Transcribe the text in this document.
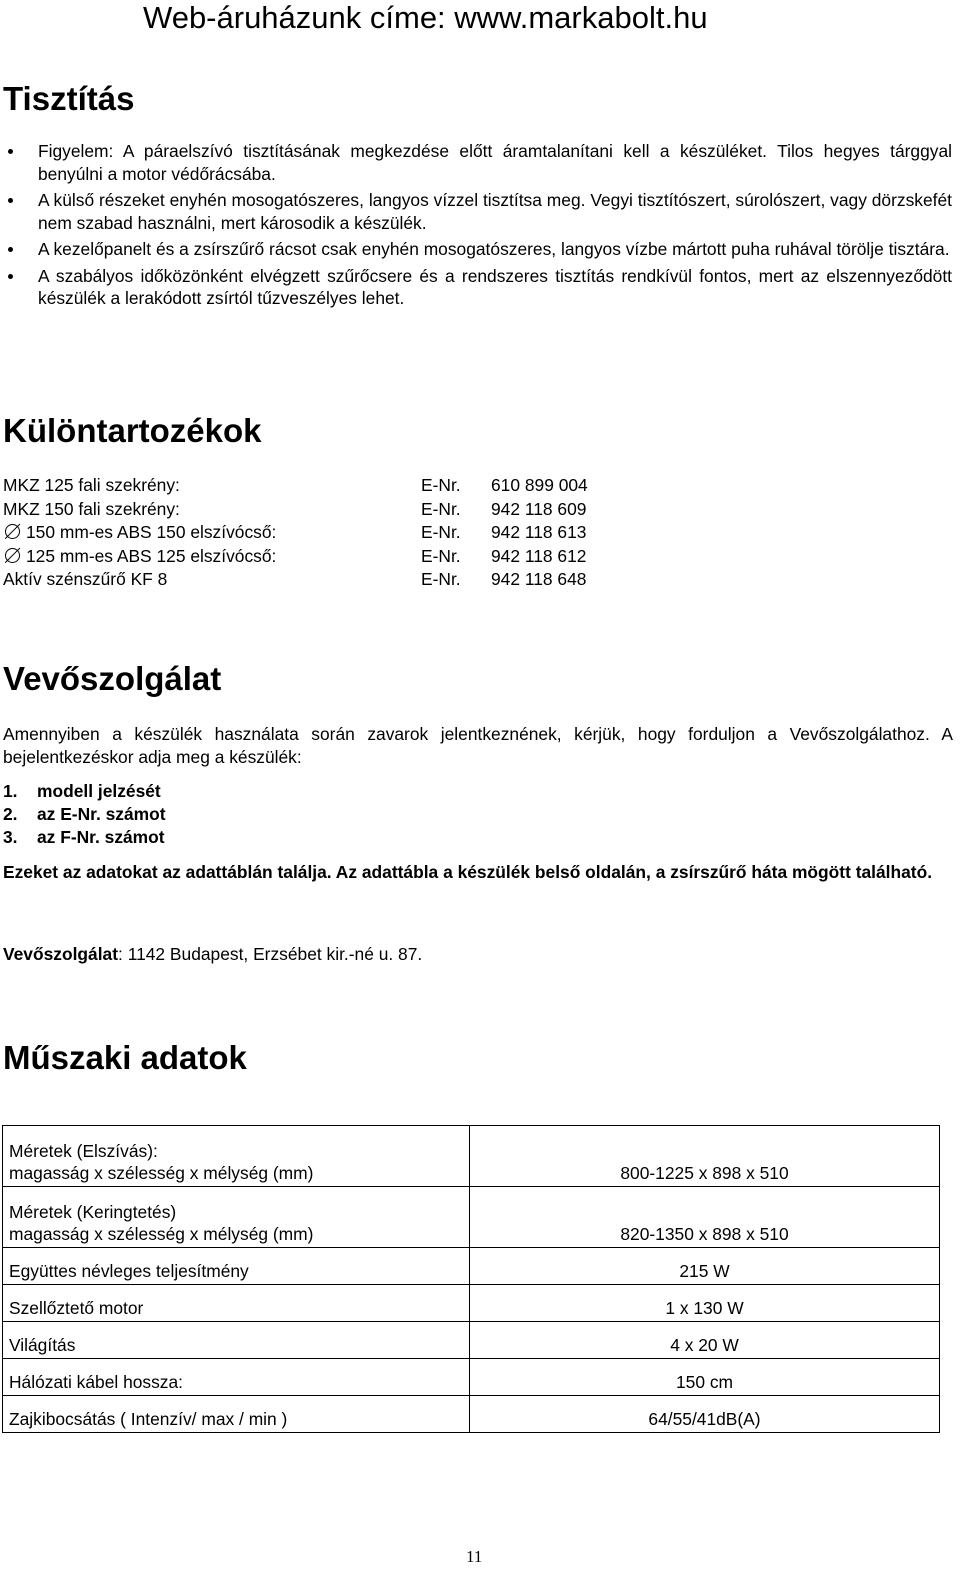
Web-áruházunk címe: www.markabolt.hu
Tisztítás
Figyelem: A páraelszívó tisztításának megkezdése előtt áramtalanítani kell a készüléket. Tilos hegyes tárggyal benyúlni a motor védőrácsába.
A külső részeket enyhén mosogatószeres, langyos vízzel tisztítsa meg. Vegyi tisztítószert, súrolószert, vagy dörzskefét nem szabad használni, mert károsodik a készülék.
A kezelőpanelt és a zsírszűrő rácsot csak enyhén mosogatószeres, langyos vízbe mártott puha ruhával törölje tisztára.
A szabályos időközönként elvégzett szűrőcsere és a rendszeres tisztítás rendkívül fontos, mert az elszennyeződött készülék a lerakódott zsírtól tűzveszélyes lehet.
Különtartozékok
MKZ 125 fali szekrény:	E-Nr.	610 899 004
MKZ 150 fali szekrény:	E-Nr.	942 118 609
150 mm-es ABS 150 elszívócső:	E-Nr.	942 118 613
125 mm-es ABS 125 elszívócső:	E-Nr.	942 118 612
Aktív szénszűrő KF 8	E-Nr.	942 118 648
Vevőszolgálat

Amennyiben a készülék használata során zavarok jelentkeznének, kérjük, hogy forduljon a Vevőszolgálathoz. A bejelentkezéskor adja meg a készülék:

1. modell jelzését
2. az E-Nr. számot
3. az F-Nr. számot

Ezeket az adatokat az adattáblán találja. Az adattábla a készülék belső oldalán, a zsírszűrő háta mögött található.

Vevőszolgálat: 1142 Budapest, Erzsébet kir.-né u. 87.

Műszaki adatok
Méretek (Elszívás):
magasság x szélesség x mélység (mm)	800-1225 x 898 x 510

Méretek (Keringtetés)
magasság x szélesség x mélység (mm)	820-1350 x 898 x 510
Együttes névleges teljesítmény	215 W
Szellőztető motor	1 x 130 W
Világítás	4 x 20 W
Hálózati kábel hossza:	150 cm
Zajkibocsátás ( Intenzív/ max / min )	64/55/41dB(A)
11
